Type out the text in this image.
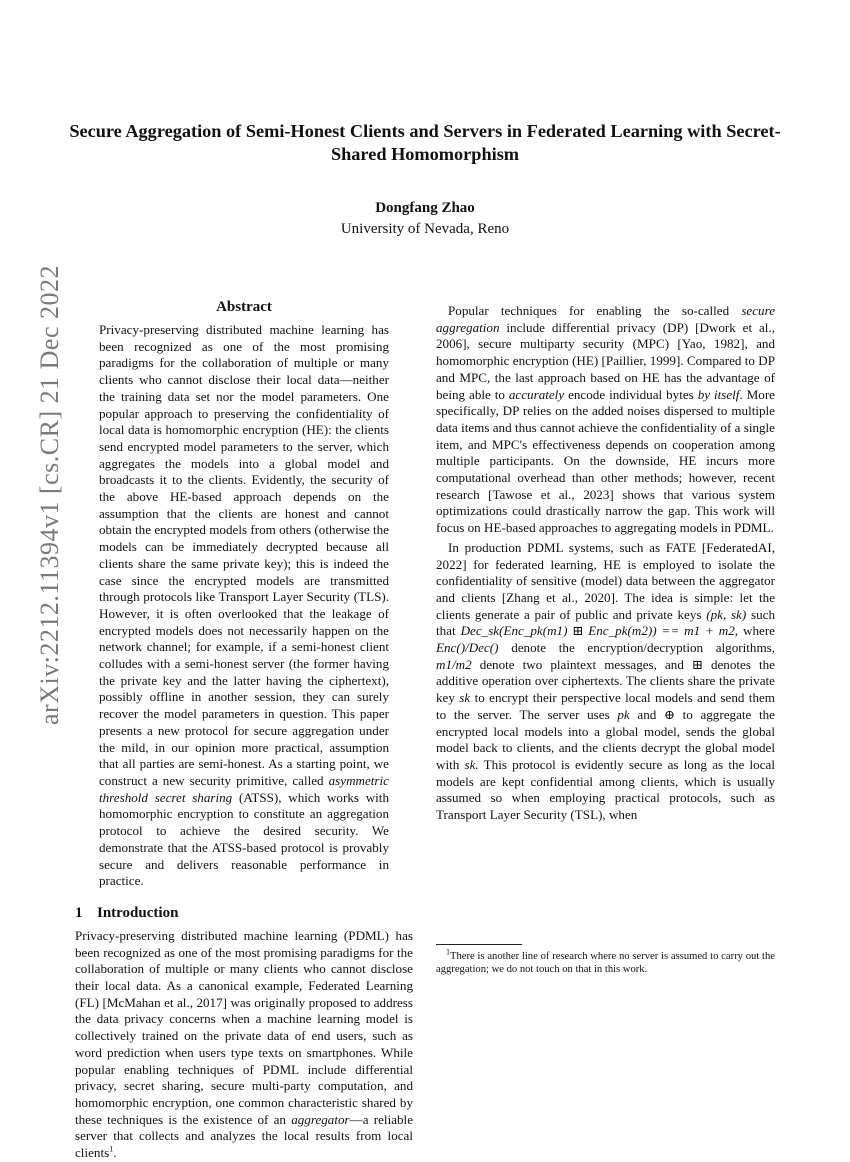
Secure Aggregation of Semi-Honest Clients and Servers in Federated Learning with Secret-Shared Homomorphism
Dongfang Zhao
University of Nevada, Reno
arXiv:2212.11394v1 [cs.CR] 21 Dec 2022	Abstract

Privacy-preserving distributed machine learning has been recognized as one of the most promising paradigms for the collaboration of multiple or many clients who cannot disclose their local data—neither the training data set nor the model parameters. One popular approach to preserving the confidentiality of local data is homomorphic encryption (HE): the clients send encrypted model parameters to the server, which aggregates the models into a global model and broadcasts it to the clients. Evidently, the security of the above HE-based approach depends on the assumption that the clients are honest and cannot obtain the encrypted models from others (otherwise the models can be immediately decrypted because all clients share the same private key); this is indeed the case since the encrypted models are transmitted through protocols like Transport Layer Security (TLS). However, it is often overlooked that the leakage of encrypted models does not necessarily happen on the network channel; for example, if a semi-honest client colludes with a semi-honest server (the former having the private key and the latter having the ciphertext), possibly offline in another session, they can surely recover the model parameters in question. This paper presents a new protocol for secure aggregation under the mild, in our opinion more practical, assumption that all parties are semi-honest. As a starting point, we construct a new security primitive, called asymmetric threshold secret sharing (ATSS), which works with homomorphic encryption to constitute an aggregation protocol to achieve the desired security. We demonstrate that the ATSS-based protocol is provably secure and delivers reasonable performance in practice.

1 Introduction

Privacy-preserving distributed machine learning (PDML) has been recognized as one of the most promising paradigms for the collaboration of multiple or many clients who cannot disclose their local data. As a canonical example, Federated Learning (FL) [McMahan et al., 2017] was originally proposed to address the data privacy concerns when a machine learning model is collectively trained on the private data of end users, such as word prediction when users type texts on smartphones. While popular enabling techniques of PDML include differential privacy, secret sharing, secure multi-party computation, and homomorphic encryption, one common characteristic shared by these techniques is the existence of an aggregator—a reliable server that collects and analyzes the local results from local clients$^1$.

Popular techniques for enabling the so-called secure aggregation include differential privacy (DP) [Dwork et al., 2006], secure multiparty security (MPC) [Yao, 1982], and homomorphic encryption (HE) [Paillier, 1999]. Compared to DP and MPC, the last approach based on HE has the advantage of being able to accurately encode individual bytes by itself. More specifically, DP relies on the added noises dispersed to multiple data items and thus cannot achieve the confidentiality of a single item, and MPC's effectiveness depends on cooperation among multiple participants. On the downside, HE incurs more computational overhead than other methods; however, recent research [Tawose et al., 2023] shows that various system optimizations could drastically narrow the gap. This work will focus on HE-based approaches to aggregating models in PDML.

In production PDML systems, such as FATE [FederatedAI, 2022] for federated learning, HE is employed to isolate the confidentiality of sensitive (model) data between the aggregator and clients [Zhang et al., 2020]. The idea is simple: let the clients generate a pair of public and private keys (pk, sk) such that Dec_sk(Enc_pk(m1) ⊞ Enc_pk(m2)) == m1 + m2, where Enc()/Dec() denote the encryption/decryption algorithms, m1/m2 denote two plaintext messages, and ⊞ denotes the additive operation over ciphertexts. The clients share the private key sk to encrypt their perspective local models and send them to the server. The server uses pk and ⊕ to aggregate the encrypted local models into a global model, sends the global model back to clients, and the clients decrypt the global model with sk. This protocol is evidently secure as long as the local models are kept confidential among clients, which is usually assumed so when employing practical protocols, such as Transport Layer Security (TSL), when

$^1$There is another line of research where no server is assumed to carry out the aggregation; we do not touch on that in this work.
